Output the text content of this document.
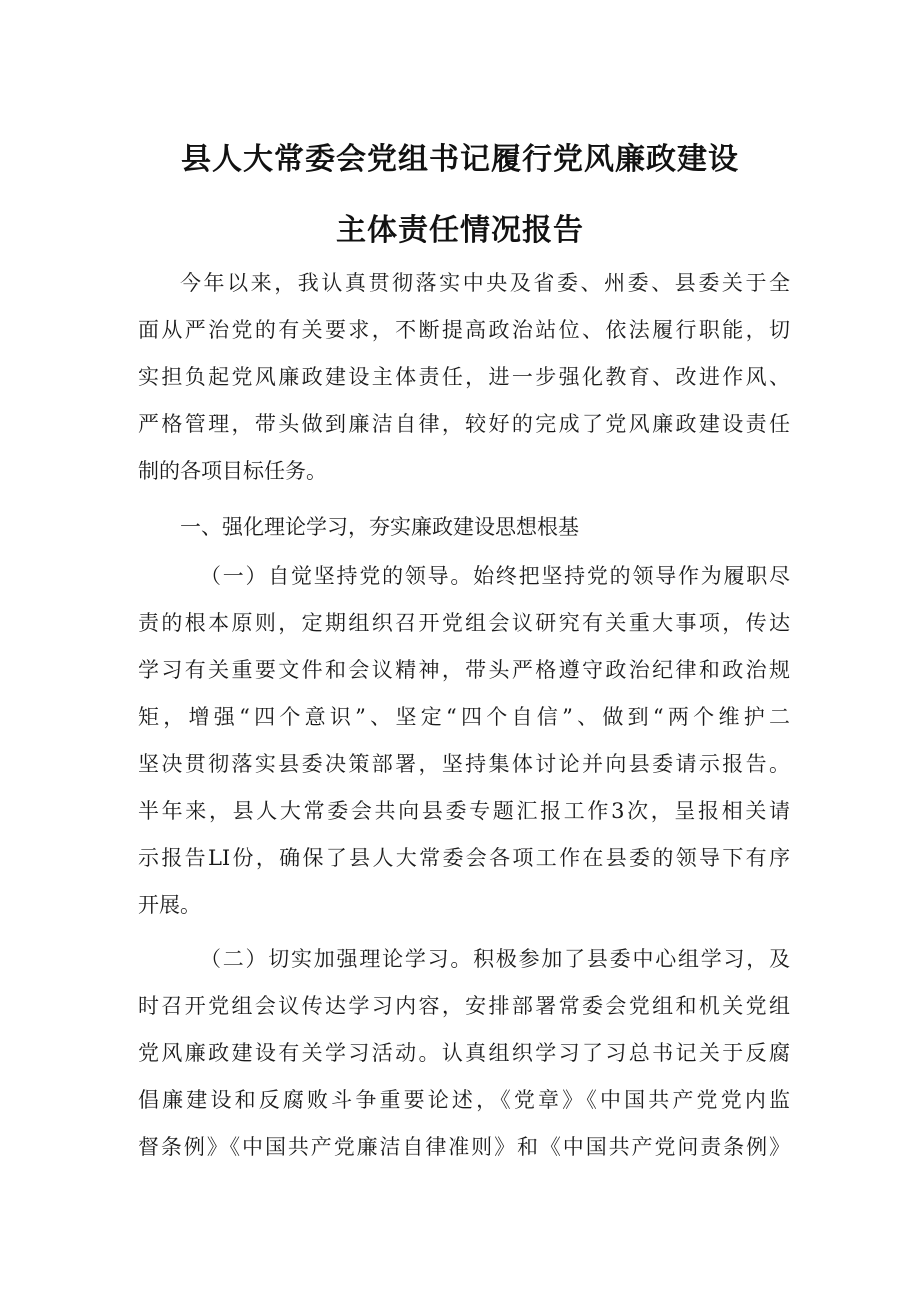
县人大常委会党组书记履行党风廉政建设
主体责任情况报告
今年以来，我认真贯彻落实中央及省委、州委、县委关于全
面从严治党的有关要求，不断提高政治站位、依法履行职能，切
实担负起党风廉政建设主体责任，进一步强化教育、改进作风、
严格管理，带头做到廉洁自律，较好的完成了党风廉政建设责任
制的各项目标任务。
一、强化理论学习，夯实廉政建设思想根基
（一）自觉坚持党的领导。始终把坚持党的领导作为履职尽
责的根本原则，定期组织召开党组会议研究有关重大事项，传达
学习有关重要文件和会议精神，带头严格遵守政治纪律和政治规
矩，增强“四个意识”、坚定“四个自信”、做到“两个维护二
坚决贯彻落实县委决策部署，坚持集体讨论并向县委请示报告。
半年来，县人大常委会共向县委专题汇报工作3次，呈报相关请
示报告LI份，确保了县人大常委会各项工作在县委的领导下有序
开展。
（二）切实加强理论学习。积极参加了县委中心组学习，及
时召开党组会议传达学习内容，安排部署常委会党组和机关党组
党风廉政建设有关学习活动。认真组织学习了习总书记关于反腐
倡廉建设和反腐败斗争重要论述，《党章》《中国共产党党内监
督条例》《中国共产党廉洁自律准则》和《中国共产党问责条例》
